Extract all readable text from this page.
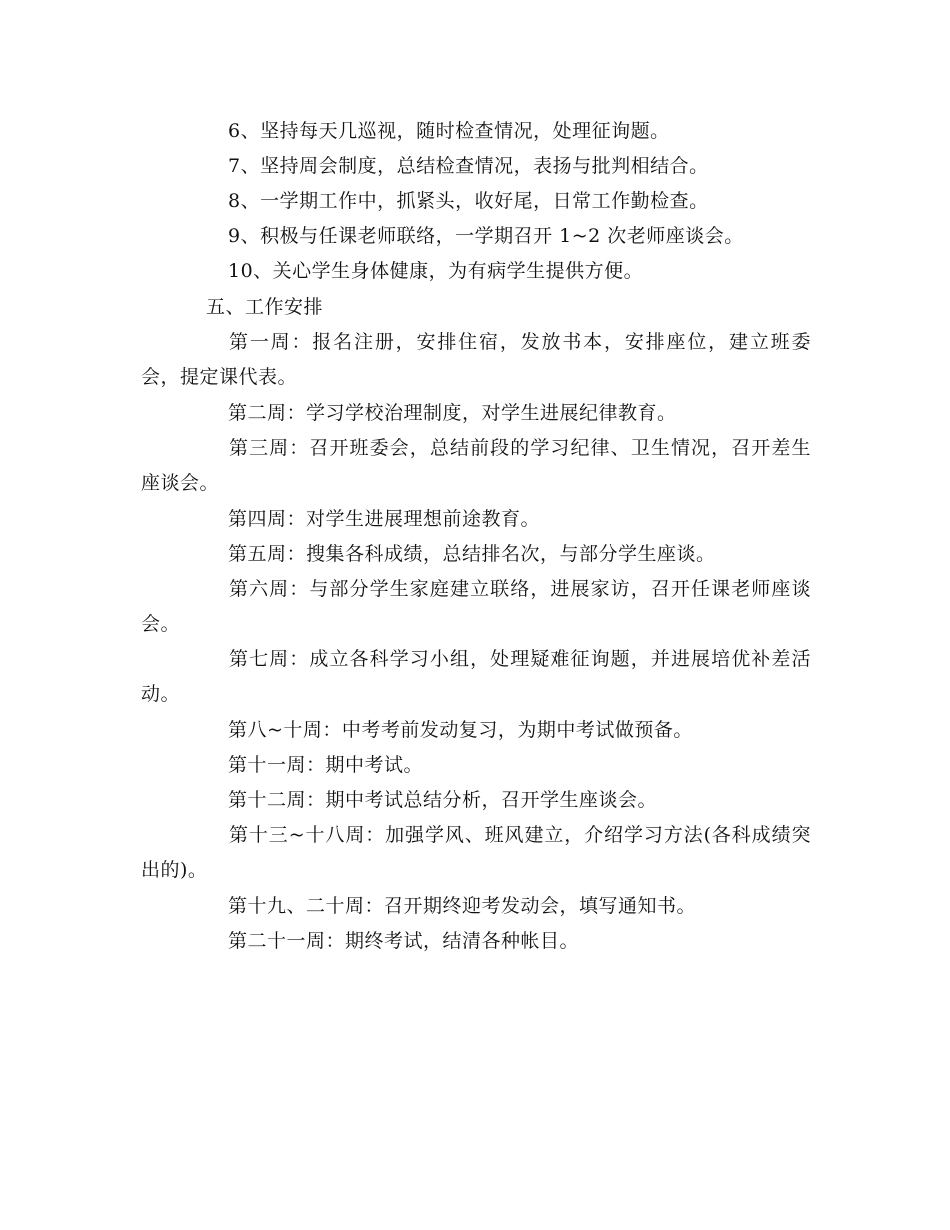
6、坚持每天几巡视，随时检查情况，处理征询题。
7、坚持周会制度，总结检查情况，表扬与批判相结合。
8、一学期工作中，抓紧头，收好尾，日常工作勤检查。
9、积极与任课老师联络，一学期召开 1~2 次老师座谈会。
10、关心学生身体健康，为有病学生提供方便。
五、工作安排
第一周：报名注册，安排住宿，发放书本，安排座位，建立班委会，提定课代表。
第二周：学习学校治理制度，对学生进展纪律教育。
第三周：召开班委会，总结前段的学习纪律、卫生情况，召开差生座谈会。
第四周：对学生进展理想前途教育。
第五周：搜集各科成绩，总结排名次，与部分学生座谈。
第六周：与部分学生家庭建立联络，进展家访，召开任课老师座谈会。
第七周：成立各科学习小组，处理疑难征询题，并进展培优补差活动。
第八~十周：中考考前发动复习，为期中考试做预备。
第十一周：期中考试。
第十二周：期中考试总结分析，召开学生座谈会。
第十三~十八周：加强学风、班风建立，介绍学习方法(各科成绩突出的)。
第十九、二十周：召开期终迎考发动会，填写通知书。
第二十一周：期终考试，结清各种帐目。
